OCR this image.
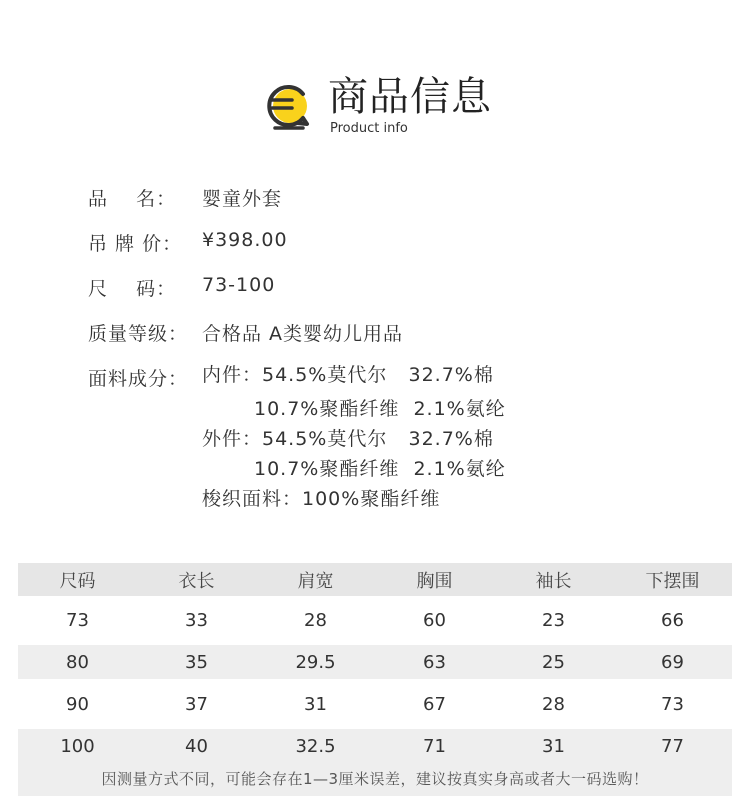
商品信息
Product info
品    名：	婴童外套
吊 牌 价：	¥398.00
尺    码：	73-100
质量等级： 合格品 A类婴幼儿用品
面料成分： 内件：54.5%莫代尔   32.7%棉
10.7%聚酯纤维  2.1%氨纶
外件：54.5%莫代尔   32.7%棉
10.7%聚酯纤维  2.1%氨纶
梭织面料：100%聚酯纤维
尺码	衣长	肩宽	胸围	袖长	下摆围
73	33	28	60	23	66
80	35	29.5	63	25	69
90	37	31	67	28	73
100	40	32.5	71	31	77
因测量方式不同，可能会存在1—3厘米误差，建议按真实身高或者大一码选购！
